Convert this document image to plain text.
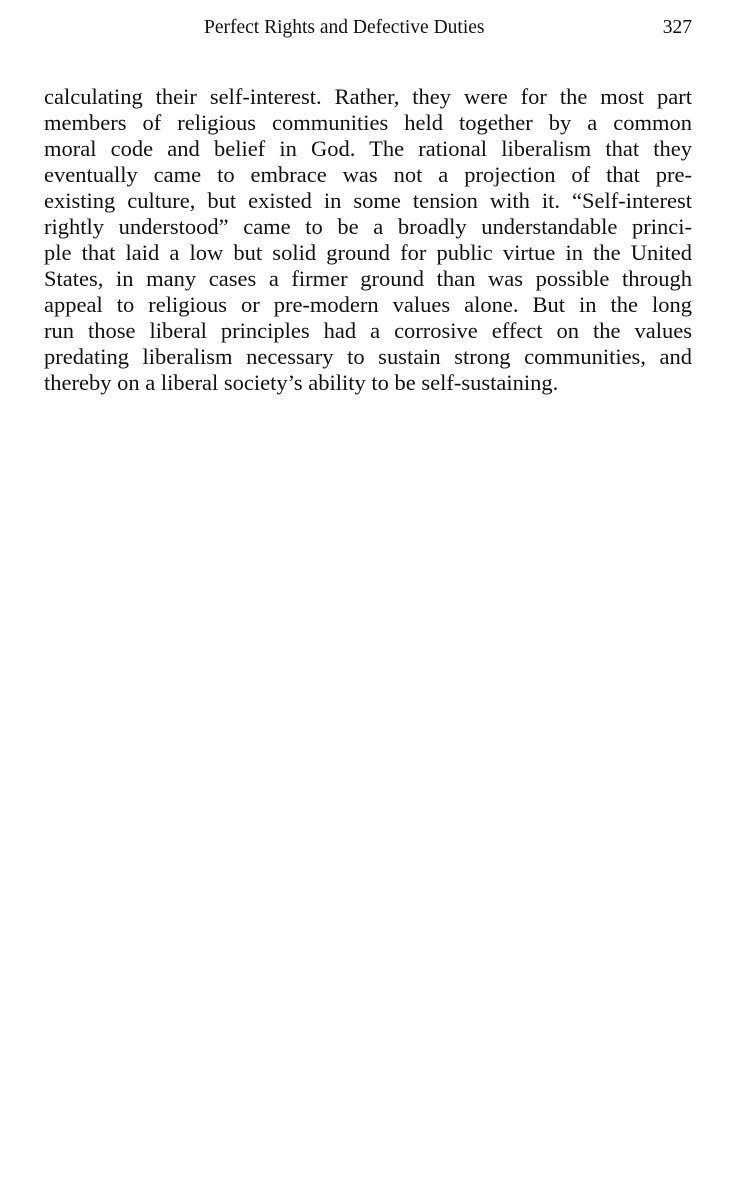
Perfect Rights and Defective Duties	327
calculating their self-interest. Rather, they were for the most part
members of religious communities held together by a common
moral code and belief in God. The rational liberalism that they
eventually came to embrace was not a projection of that pre-
existing culture, but existed in some tension with it. “Self-interest
rightly understood” came to be a broadly understandable princi-
ple that laid a low but solid ground for public virtue in the United
States, in many cases a firmer ground than was possible through
appeal to religious or pre-modern values alone. But in the long
run those liberal principles had a corrosive effect on the values
predating liberalism necessary to sustain strong communities, and
thereby on a liberal society’s ability to be self-sustaining.
